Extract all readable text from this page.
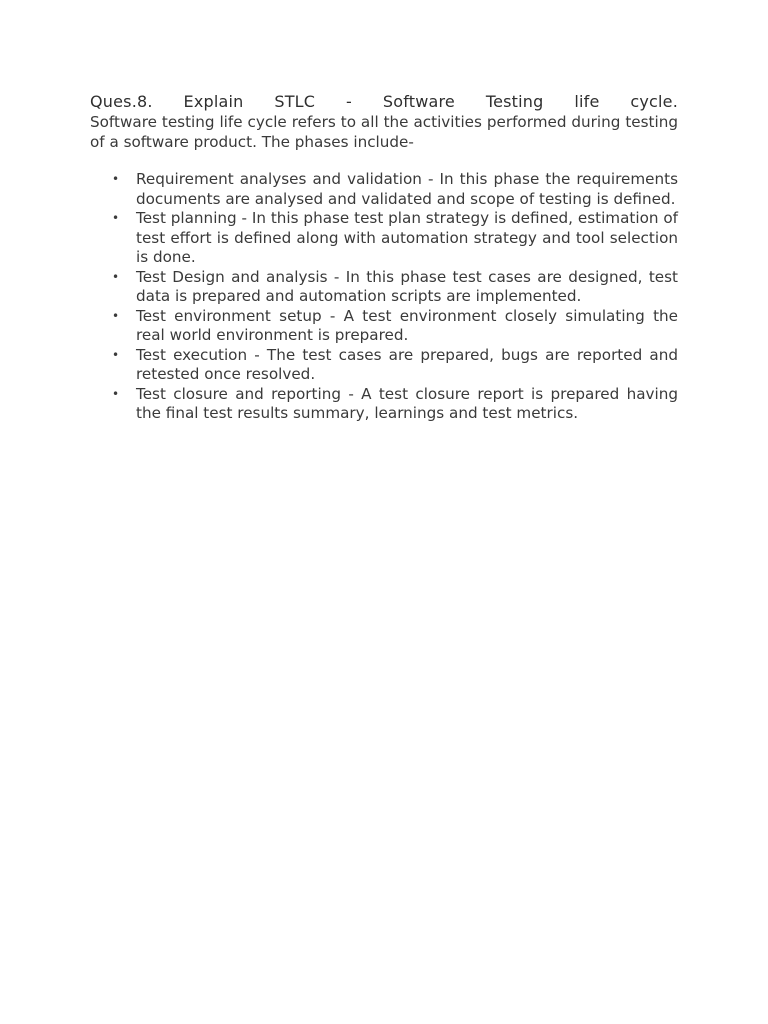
Ques.8. Explain STLC - Software Testing life cycle.

Software testing life cycle refers to all the activities performed during testing of a software product. The phases include-

• Requirement analyses and validation - In this phase the requirements documents are analysed and validated and scope of testing is defined.
• Test planning - In this phase test plan strategy is defined, estimation of test effort is defined along with automation strategy and tool selection is done.
• Test Design and analysis - In this phase test cases are designed, test data is prepared and automation scripts are implemented.
• Test environment setup - A test environment closely simulating the real world environment is prepared.
• Test execution - The test cases are prepared, bugs are reported and retested once resolved.
• Test closure and reporting - A test closure report is prepared having the final test results summary, learnings and test metrics.
